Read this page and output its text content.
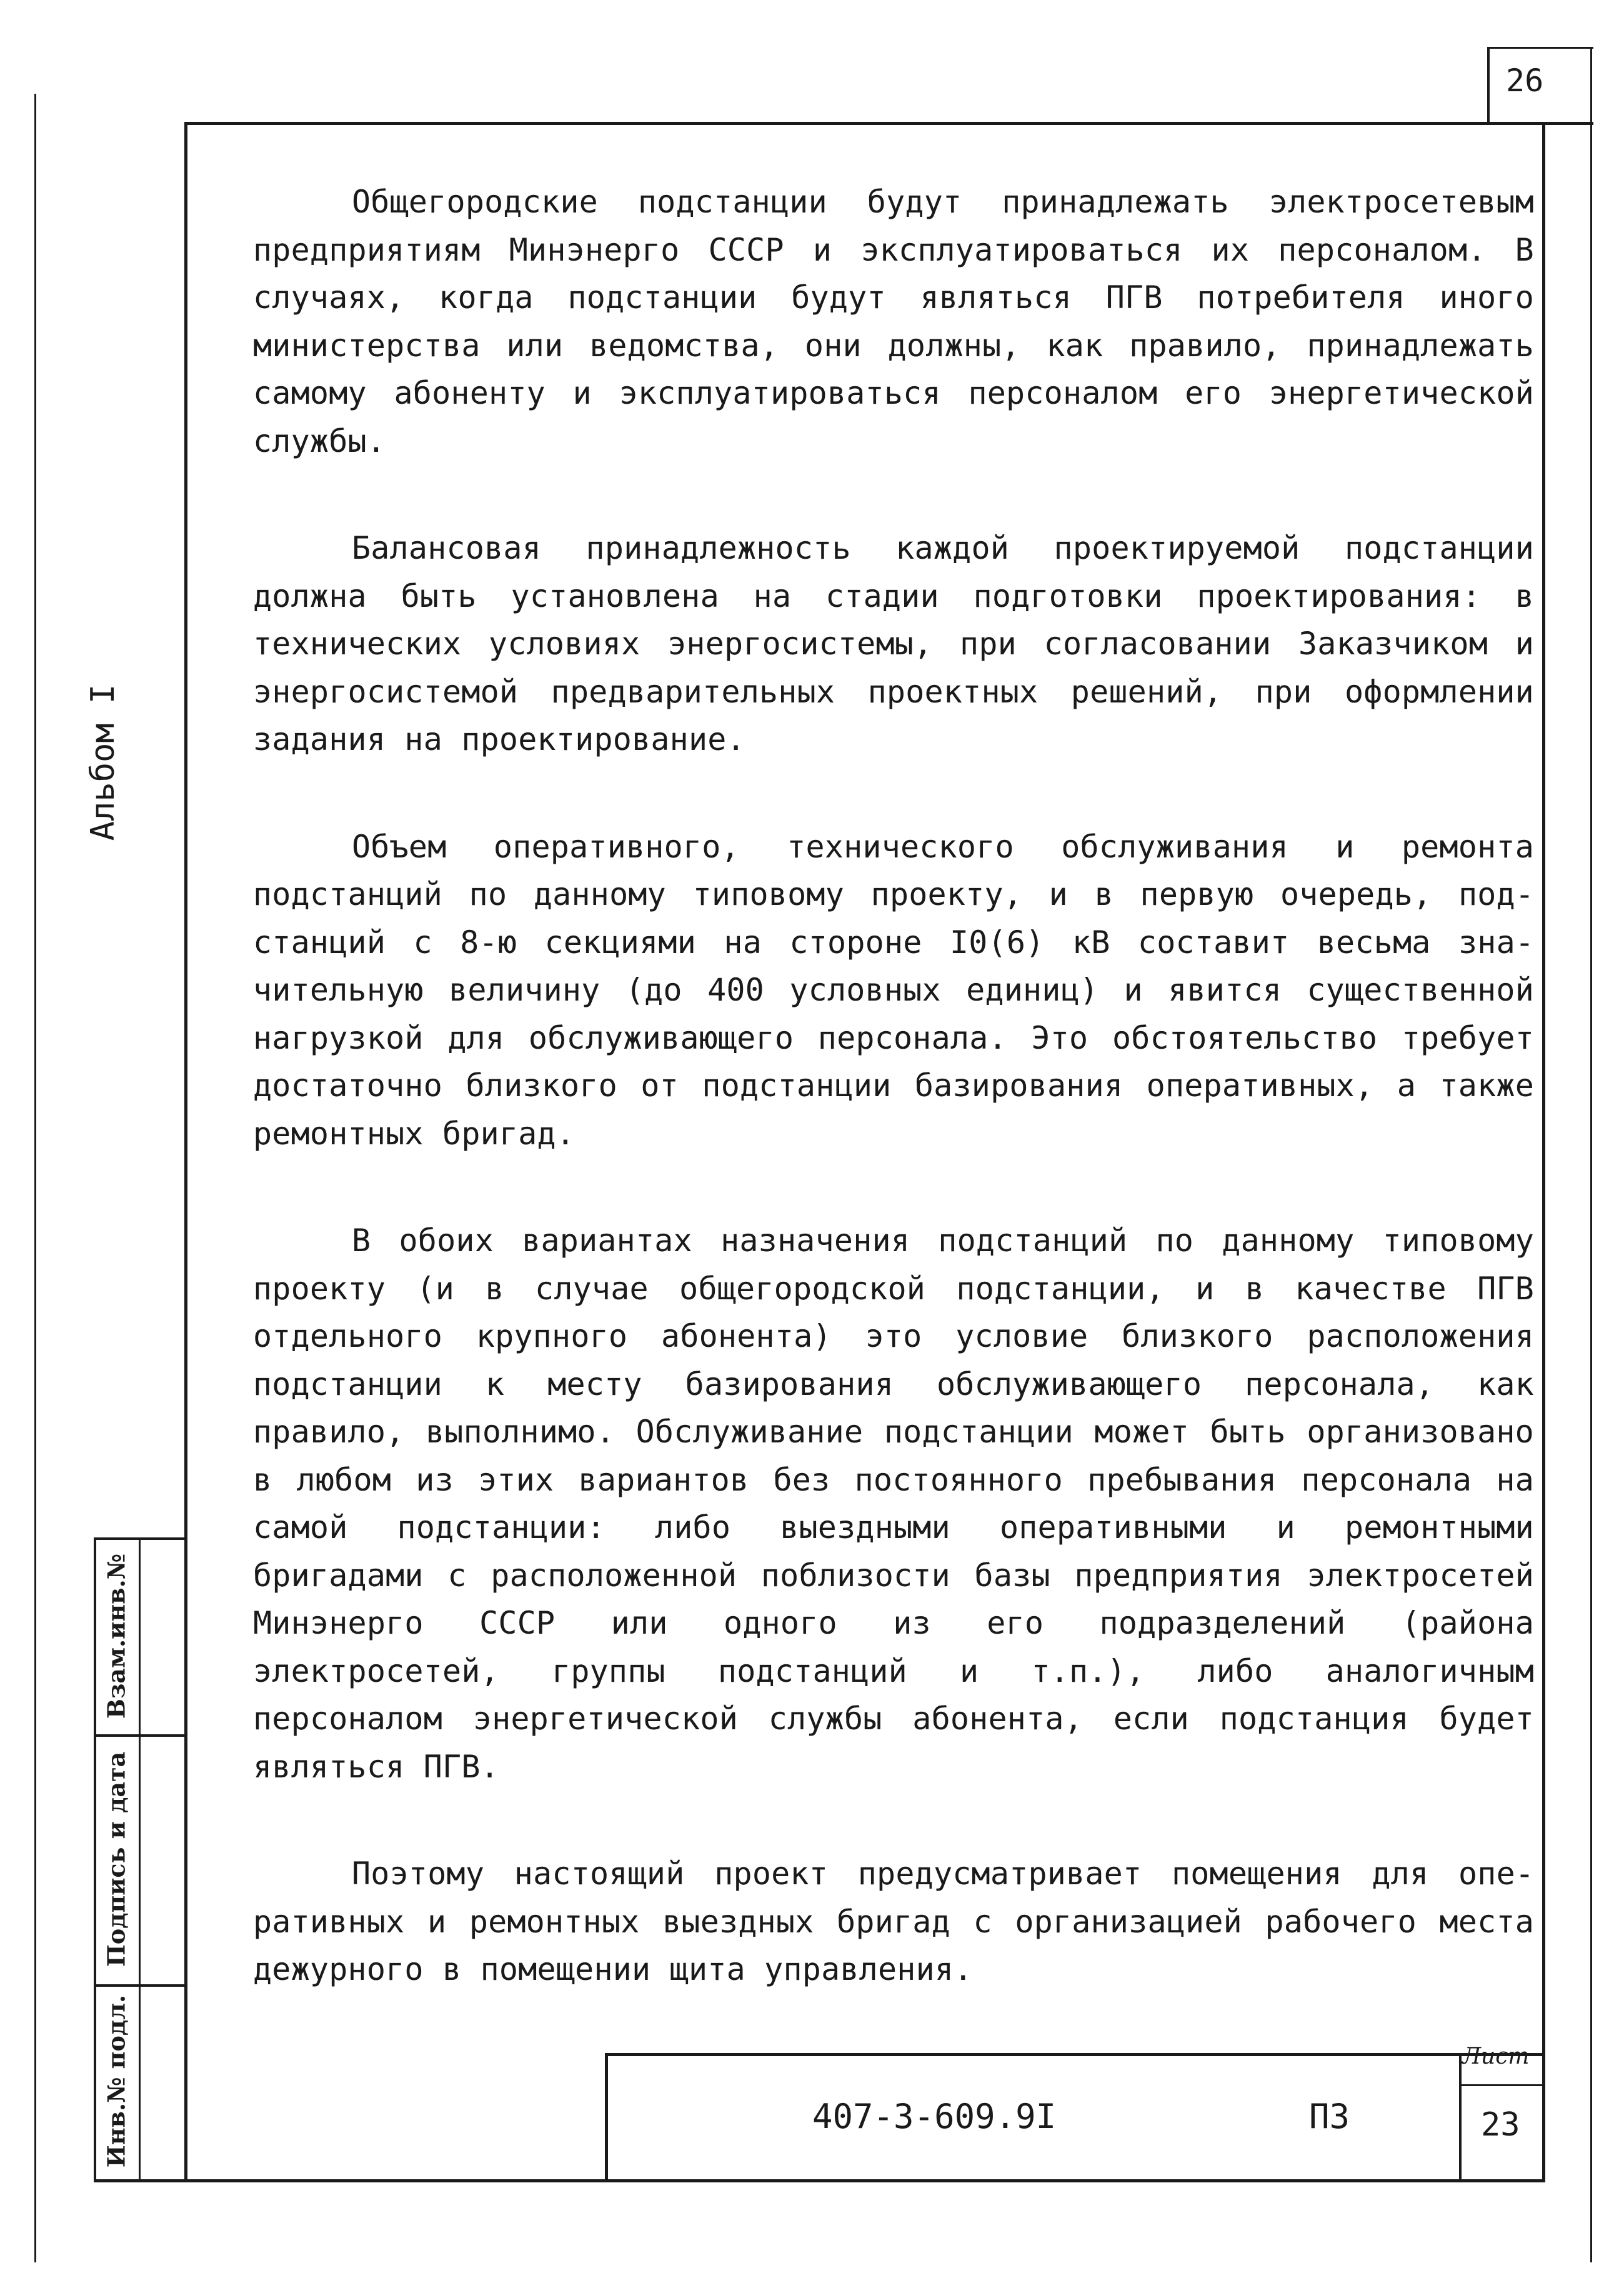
26
Альбом I
Взам.инв.№
Подпись и дата
Инв.№ подл.

Общегородские подстанции будут принадлежать электросетевым предприятиям Минэнерго СССР и эксплуатироваться их персоналом. В случаях, когда подстанции будут являться ПГВ потребителя иного министерства или ведомства, они должны, как правило, принадлежать самому абоненту и эксплуатироваться персоналом его энергетической службы.

Балансовая принадлежность каждой проектируемой подстанции должна быть установлена на стадии подготовки проектирования: в технических условиях энергосистемы, при согласовании Заказчиком и энергосистемой предварительных проектных решений, при оформлении задания на проектирование.

Объем оперативного, технического обслуживания и ремонта подстанций по данному типовому проекту, и в первую очередь, подстанций с 8-ю секциями на стороне I0(6) кВ составит весьма значительную величину (до 400 условных единиц) и явится существенной нагрузкой для обслуживающего персонала. Это обстоятельство требует достаточно близкого от подстанции базирования оперативных, а также ремонтных бригад.

В обоих вариантах назначения подстанций по данному типовому проекту (и в случае общегородской подстанции, и в качестве ПГВ отдельного крупного абонента) это условие близкого расположения подстанции к месту базирования обслуживающего персонала, как правило, выполнимо. Обслуживание подстанции может быть организовано в любом из этих вариантов без постоянного пребывания персонала на самой подстанции: либо выездными оперативными и ремонтными бригадами с расположенной поблизости базы предприятия электросетей Минэнерго СССР или одного из его подразделений (района электросетей, группы подстанций и т.п.), либо аналогичным персоналом энергетической службы абонента, если подстанция будет являться ПГВ.

Поэтому настоящий проект предусматривает помещения для оперативных и ремонтных выездных бригад с организацией рабочего места дежурного в помещении щита управления.

407-3-609.9I	ПЗ
Лист
23
